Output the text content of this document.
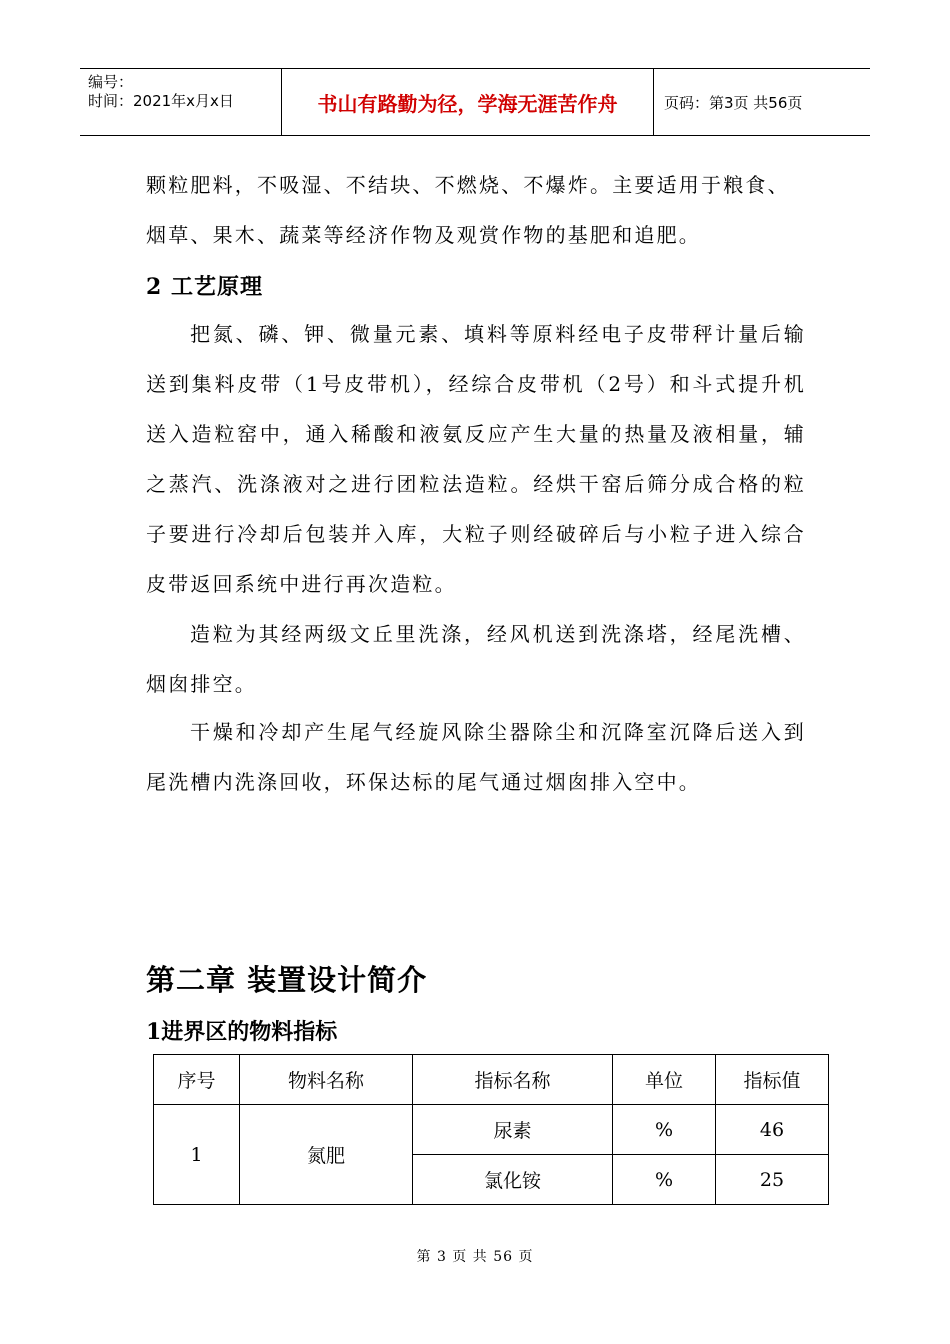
编号：
时间：2021年x月x日	书山有路勤为径，学海无涯苦作舟	页码：第3页 共56页

颗粒肥料，不吸湿、不结块、不燃烧、不爆炸。主要适用于粮食、

烟草、果木、蔬菜等经济作物及观赏作物的基肥和追肥。

2 工艺原理

把氮、磷、钾、微量元素、填料等原料经电子皮带秤计量后输送到集料皮带（1号皮带机），经综合皮带机（2号）和斗式提升机送入造粒窑中，通入稀酸和液氨反应产生大量的热量及液相量，辅之蒸汽、洗涤液对之进行团粒法造粒。经烘干窑后筛分成合格的粒子要进行冷却后包装并入库，大粒子则经破碎后与小粒子进入综合皮带返回系统中进行再次造粒。

造粒为其经两级文丘里洗涤，经风机送到洗涤塔，经尾洗槽、烟囱排空。

干燥和冷却产生尾气经旋风除尘器除尘和沉降室沉降后送入到尾洗槽内洗涤回收，环保达标的尾气通过烟囱排入空中。

第二章 装置设计简介
1进界区的物料指标
序号	物料名称	指标名称	单位	指标值
1	氮肥	尿素	%	46
		氯化铵	%	25
第 3 页 共 56 页
